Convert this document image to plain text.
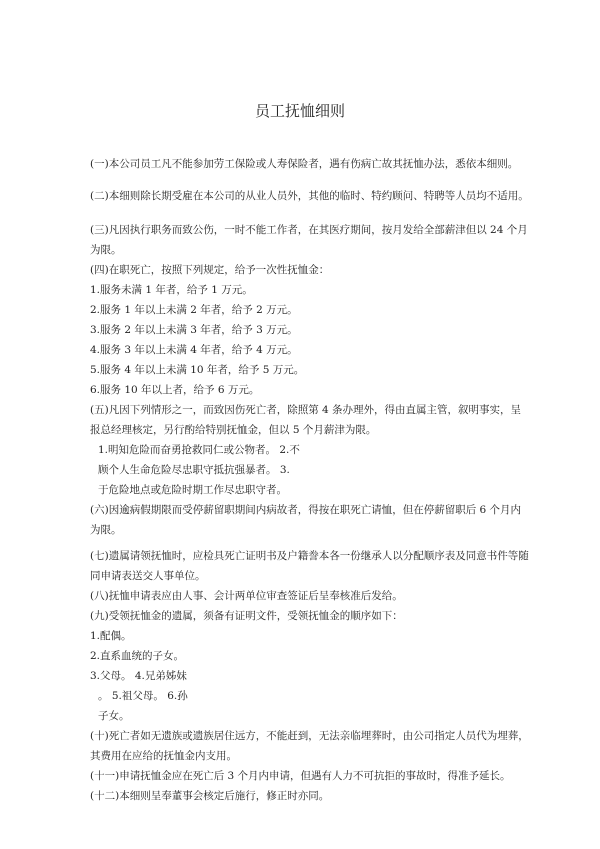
员工抚恤细则

(一)本公司员工凡不能参加劳工保险或人寿保险者，遇有伤病亡故其抚恤办法，悉依本细则。

(二)本细则除长期受雇在本公司的从业人员外，其他的临时、特约顾问、特聘等人员均不适用。

(三)凡因执行职务而致公伤，一时不能工作者，在其医疗期间，按月发给全部薪津但以 24 个月为限。

(四)在职死亡，按照下列规定，给予一次性抚恤金：

1.服务未满 1 年者，给予 1 万元。

2.服务 1 年以上未满 2 年者，给予 2 万元。

3.服务 2 年以上未满 3 年者，给予 3 万元。

4.服务 3 年以上未满 4 年者，给予 4 万元。

5.服务 4 年以上未满 10 年者，给予 5 万元。

6.服务 10 年以上者，给予 6 万元。

(五)凡因下列情形之一，而致因伤死亡者，除照第 4 条办理外，得由直属主管，叙明事实，呈报总经理核定，另行酌给特别抚恤金，但以 5 个月薪津为限。

1.明知危险而奋勇抢救同仁或公物者。 2.不

顾个人生命危险尽忠职守抵抗强暴者。 3.

于危险地点或危险时期工作尽忠职守者。

(六)因逾病假期限而受停薪留职期间内病故者，得按在职死亡请恤，但在停薪留职后 6 个月内为限。

(七)遗属请领抚恤时，应检具死亡证明书及户籍誊本各一份继承人以分配顺序表及同意书件等随同申请表送交人事单位。

(八)抚恤申请表应由人事、会计两单位审查签证后呈奉核准后发给。

(九)受领抚恤金的遗属，须备有证明文件，受领抚恤金的顺序如下：

1.配偶。

2.直系血统的子女。

3.父母。 4.兄弟姊妹

。 5.祖父母。 6.孙

子女。

(十)死亡者如无遗族或遗族居住远方，不能赶到，无法亲临埋葬时，由公司指定人员代为埋葬，其费用在应给的抚恤金内支用。

(十一)申请抚恤金应在死亡后 3 个月内申请，但遇有人力不可抗拒的事故时，得准予延长。

(十二)本细则呈奉董事会核定后施行，修正时亦同。
